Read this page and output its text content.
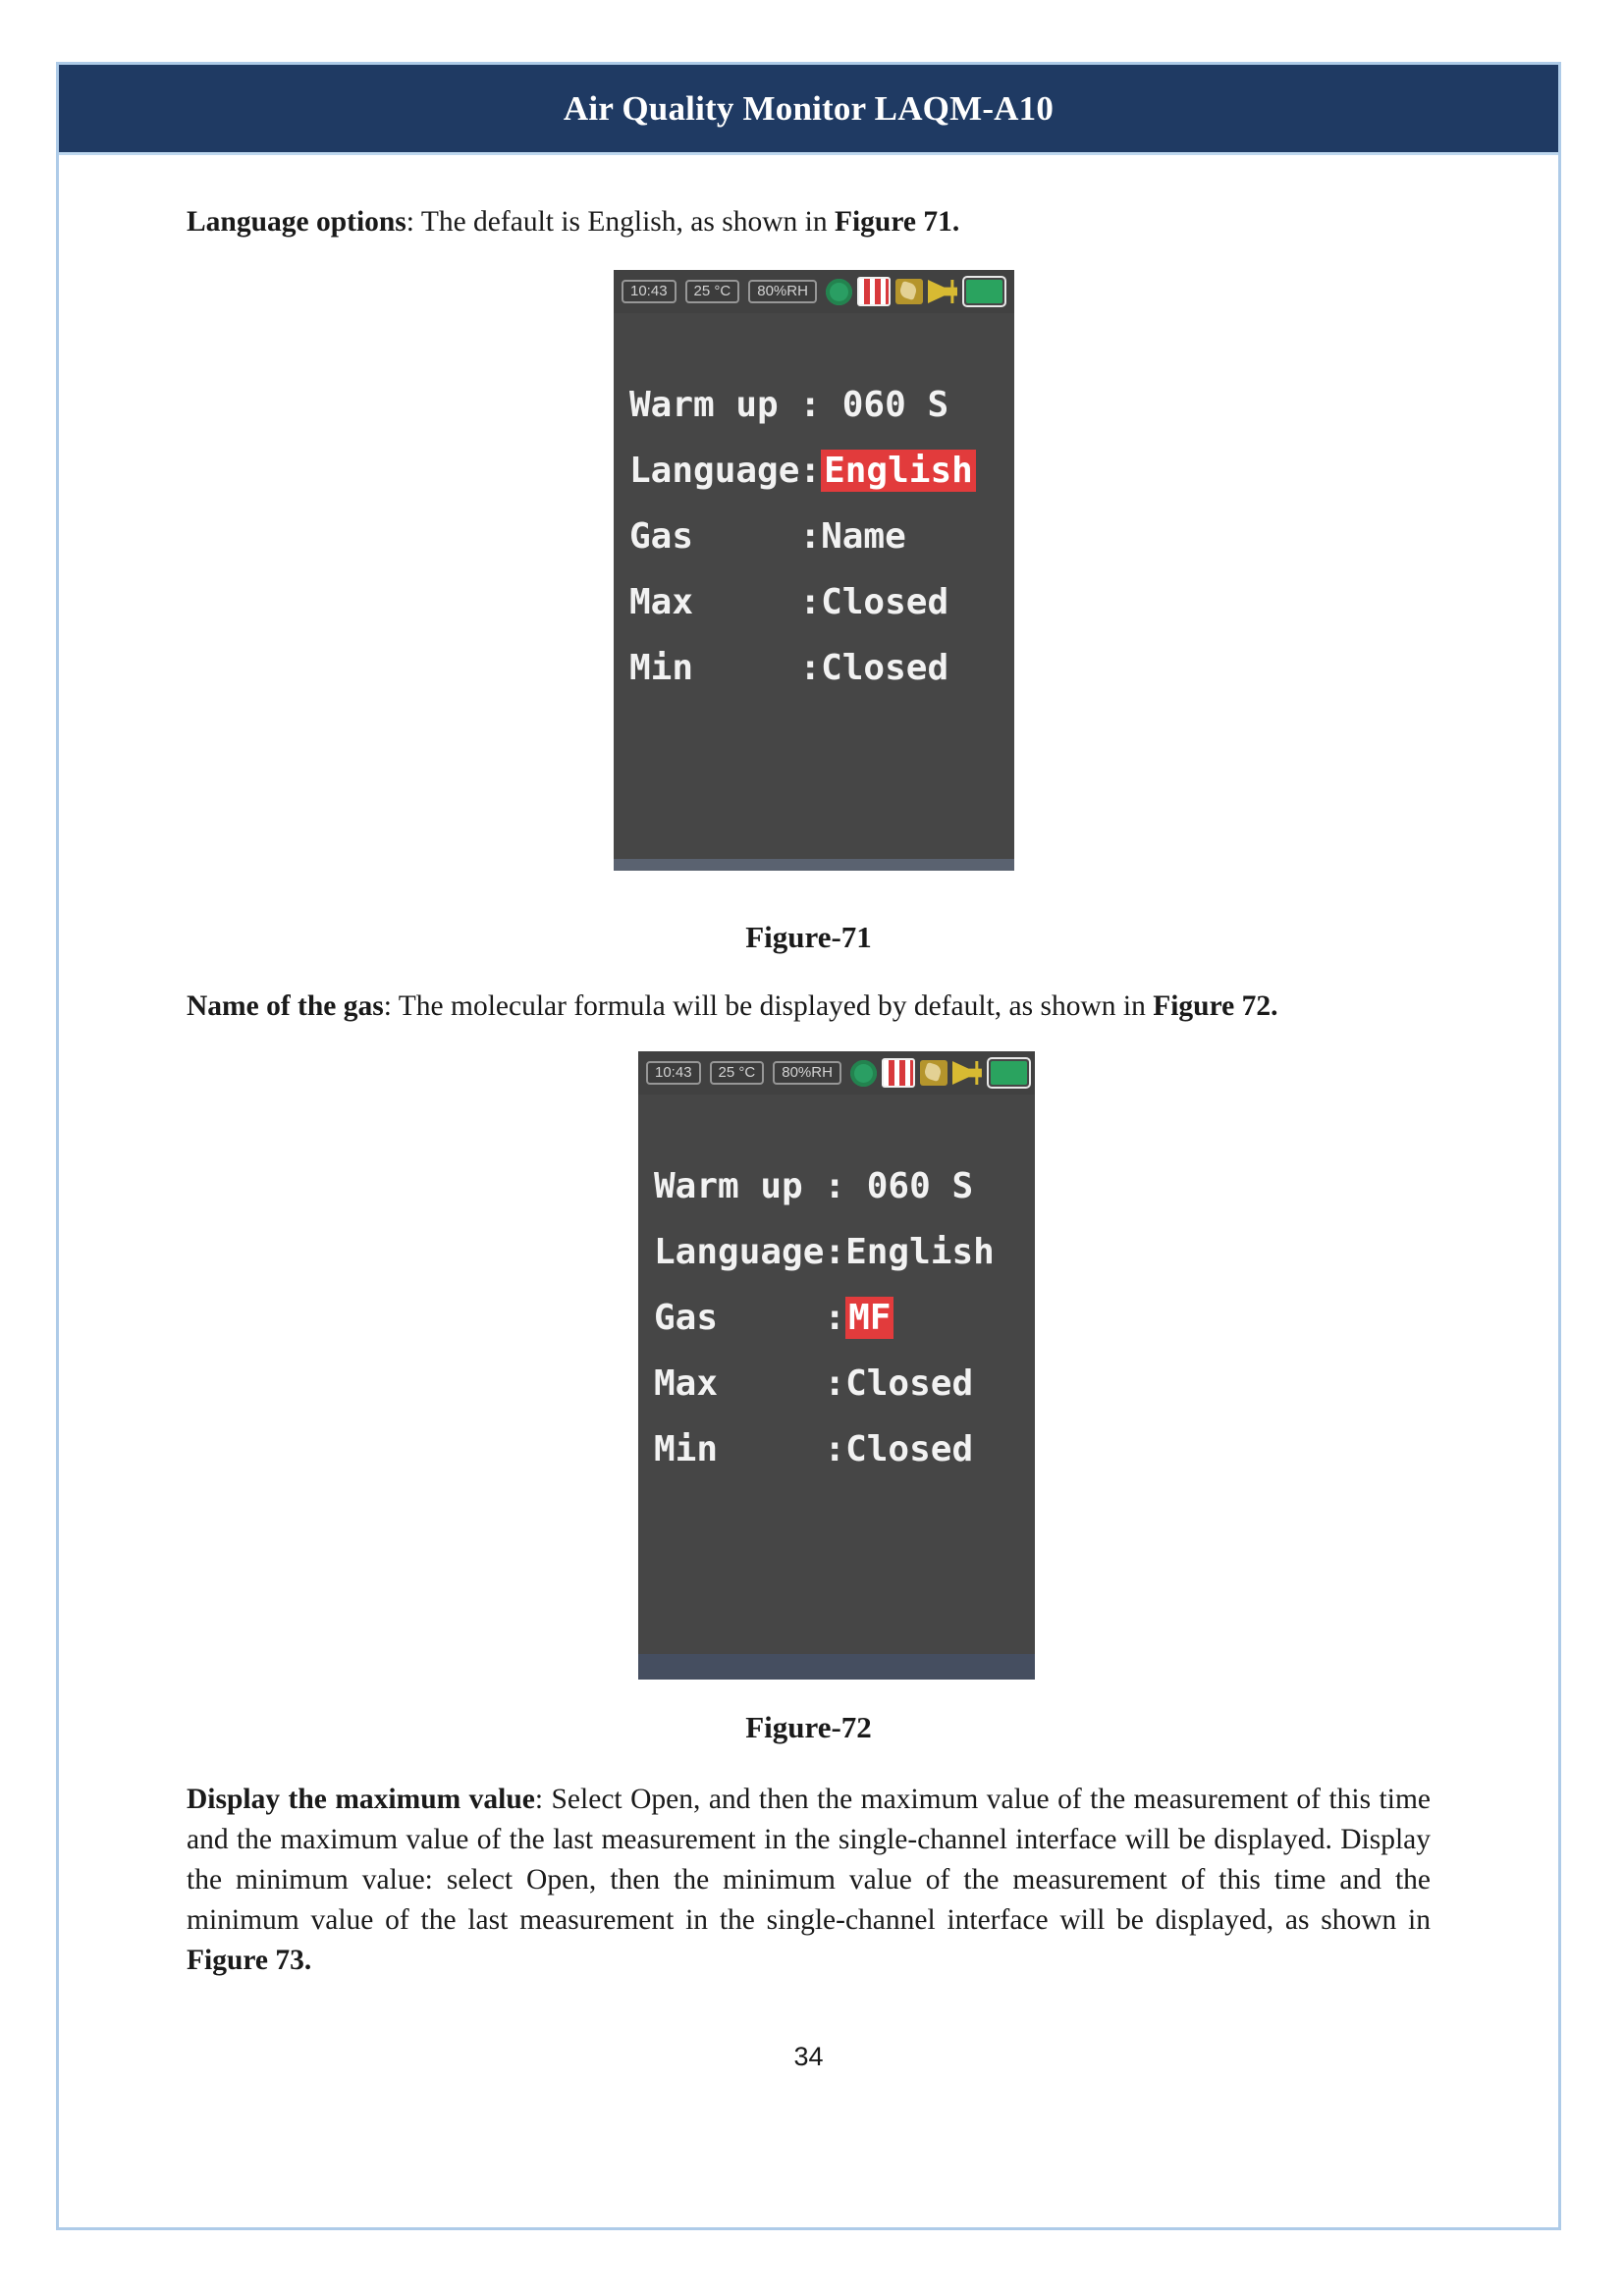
Air Quality Monitor LAQM-A10

Language options: The default is English, as shown in Figure 71.

10:43	25 °C	80%RH
Warm up : 060 S
Language:English
Gas     :Name
Max     :Closed
Min     :Closed
Figure-71

Name of the gas: The molecular formula will be displayed by default, as shown in Figure 72.

10:43	25 °C	80%RH
Warm up : 060 S
Language:English
Gas     :MF
Max     :Closed
Min     :Closed
Figure-72

Display the maximum value: Select Open, and then the maximum value of the measurement of this time and the maximum value of the last measurement in the single-channel interface will be displayed. Display the minimum value: select Open, then the minimum value of the measurement of this time and the minimum value of the last measurement in the single-channel interface will be displayed, as shown in Figure 73.

34
